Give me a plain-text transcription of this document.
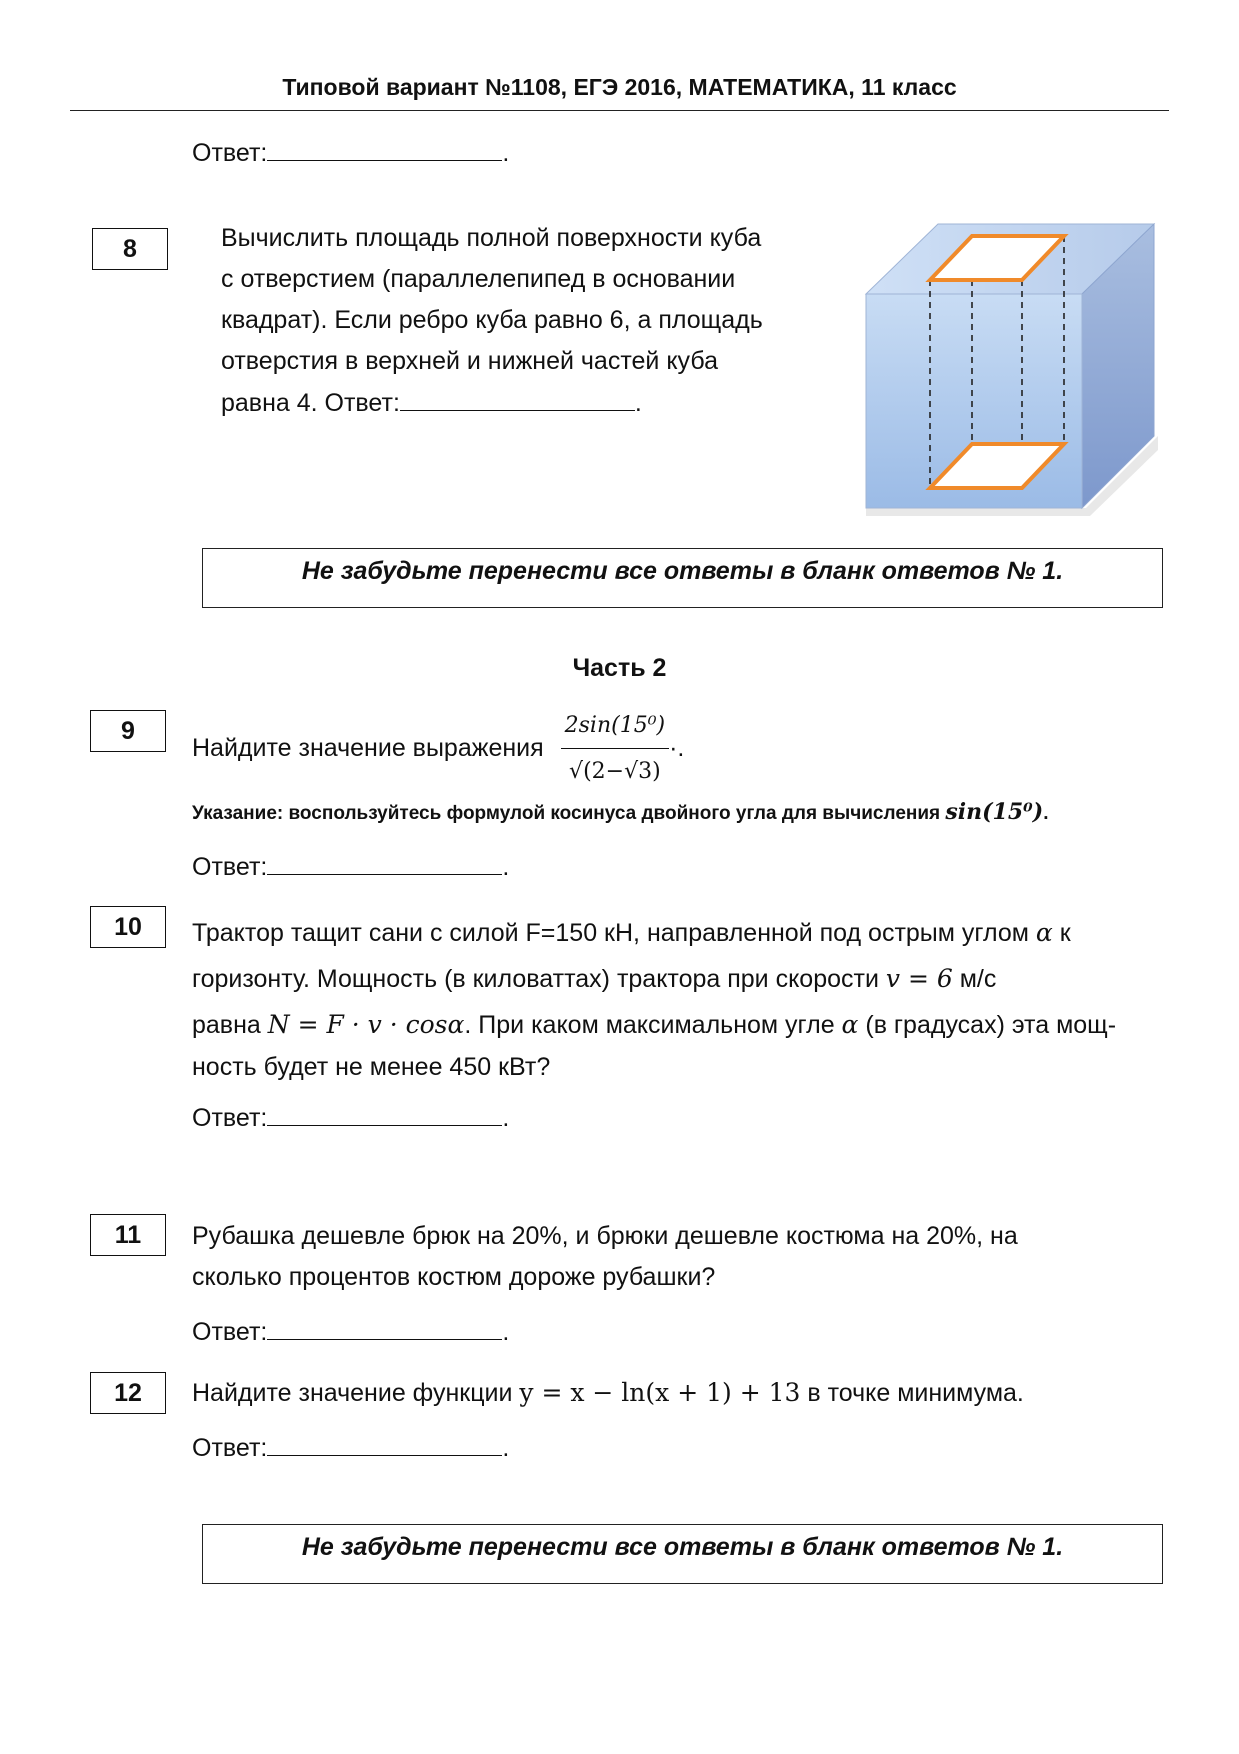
Типовой вариант №1108, ЕГЭ 2016, МАТЕМАТИКА, 11 класс
Ответ:	.
8	Вычислить площадь полной поверхности куба
с отверстием (параллелепипед в основании
квадрат). Если ребро куба равно 6, а площадь
отверстия в верхней и нижней частей куба
равна 4. Ответ:	.
Не забудьте перенести все ответы в бланк ответов № 1.
Часть 2
9
Найдите значение выражения $\frac{\text{2sin(15⁰)}}{√(2-√3)}$ ·.
Указание: воспользуйтесь формулой косинуса двойного угла для вычисления sin(15⁰).
Ответ:	.
10	Трактор тащит сани с силой F=150 кН, направленной под острым углом α к
горизонту. Мощность (в киловаттах) трактора при скорости v = 6 м/с
равна N = F · v · cosα. При каком максимальном угле α (в градусах) эта мощ-
ность будет не менее 450 кВт?
Ответ:	.
11	Рубашка дешевле брюк на 20%, и брюки дешевле костюма на 20%, на
сколько процентов костюм дороже рубашки?
Ответ:	.
12	Найдите значение функции y = x − ln(x + 1) + 13 в точке минимума.
Ответ:	.
Не забудьте перенести все ответы в бланк ответов № 1.
